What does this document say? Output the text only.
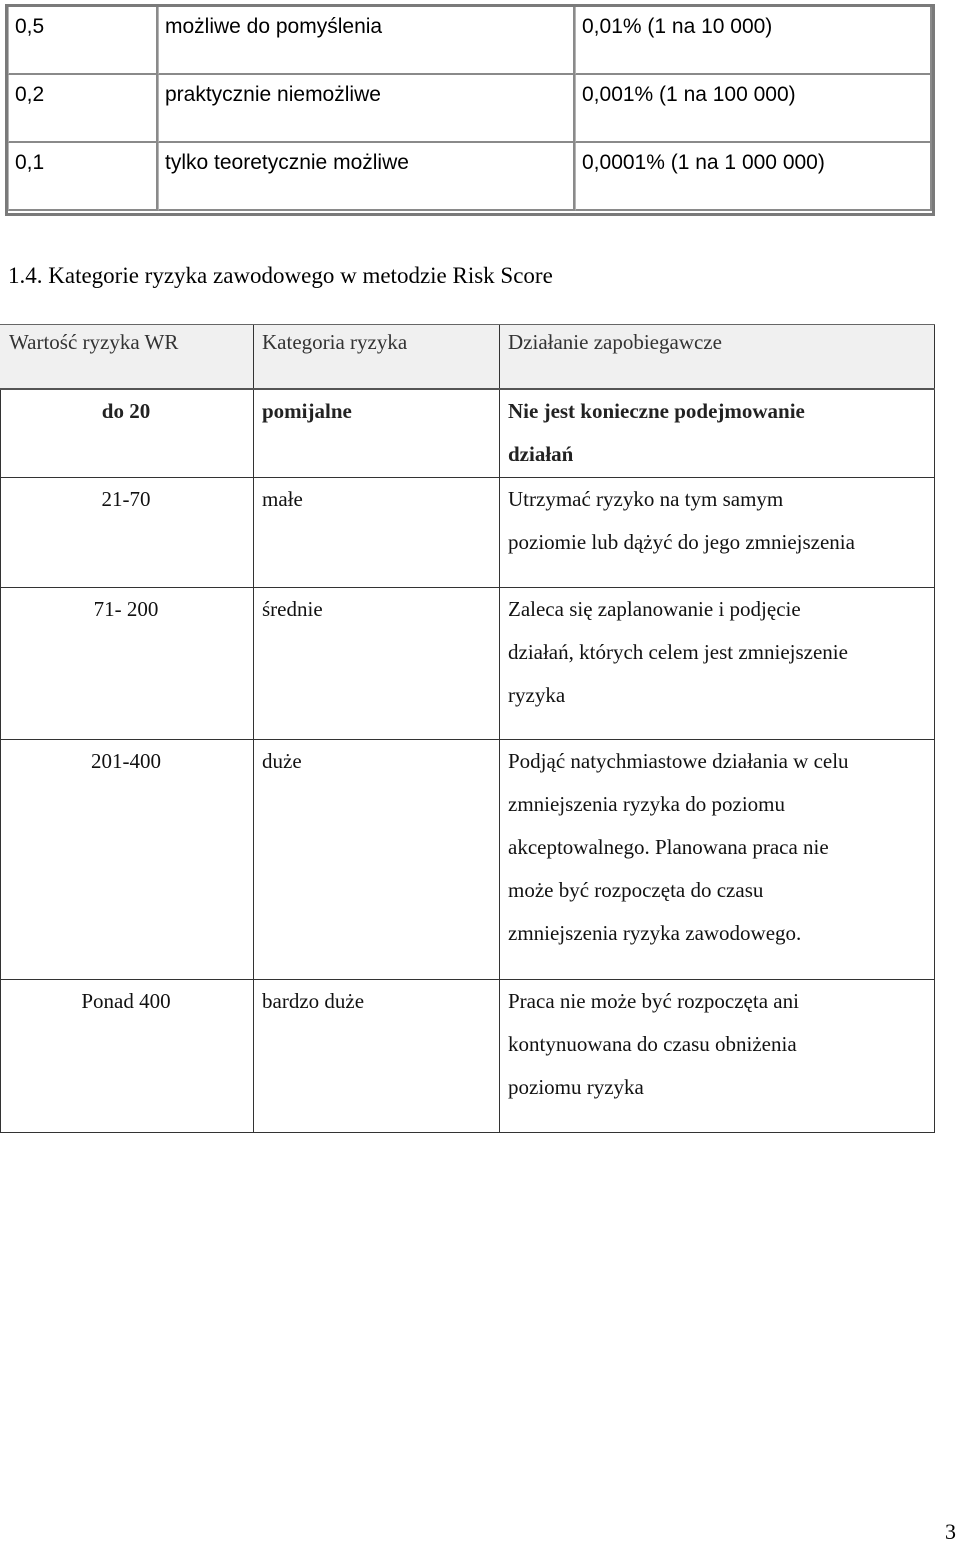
0,5	możliwe do pomyślenia	0,01% (1 na 10 000)
0,2	praktycznie niemożliwe	0,001% (1 na 100 000)
0,1	tylko teoretycznie możliwe	0,0001% (1 na 1 000 000)
1.4. Kategorie ryzyka zawodowego w metodzie Risk Score
Wartość ryzyka WR	Kategoria ryzyka	Działanie zapobiegawcze
do 20	pomijalne	Nie jest konieczne podejmowanie
działań
21-70	małe	Utrzymać ryzyko na tym samym
poziomie lub dążyć do jego zmniejszenia
71- 200	średnie	Zaleca się zaplanowanie i podjęcie
działań, których celem jest zmniejszenie
ryzyka
201-400	duże	Podjąć natychmiastowe działania w celu
zmniejszenia ryzyka do poziomu
akceptowalnego. Planowana praca nie
może być rozpoczęta do czasu
zmniejszenia ryzyka zawodowego.
Ponad 400	bardzo duże	Praca nie może być rozpoczęta ani
kontynuowana do czasu obniżenia
poziomu ryzyka
3
